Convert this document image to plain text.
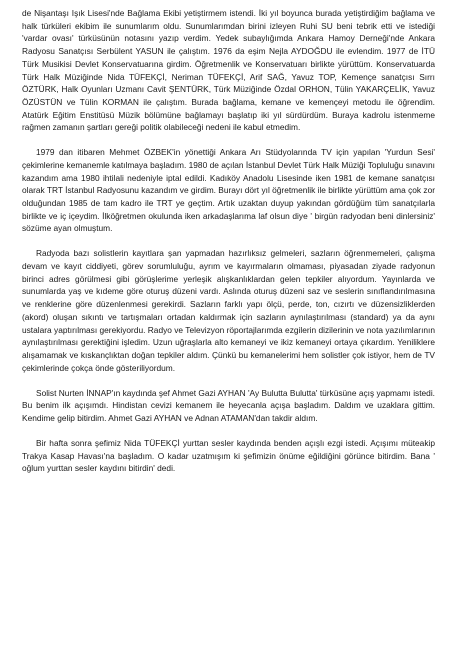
de Nişantaşı Işık Lisesi'nde Bağlama Ekibi yetiştirmem istendi. İki yıl boyunca burada yetiştirdiğim bağlama ve halk türküleri ekibim ile sunumlarım oldu. Sunumlarımdan birini izleyen Ruhi SU beni tebrik etti ve istediği 'vardar ovası' türküsünün notasını yazıp verdim. Yedek subaylığımda Ankara Hamoy Derneği'nde Ankara Radyosu Sanatçısı Serbülent YASUN ile çalıştım. 1976 da eşim Nejla AYDOĞDU ile evlendim. 1977 de İTÜ Türk Musikisi Devlet Konservatuarına girdim. Öğretmenlik ve Konservatuarı birlikte yürüttüm. Konservatuarda Türk Halk Müziğinde Nida TÜFEKÇİ, Neriman TÜFEKÇİ, Arif SAĞ, Yavuz TOP, Kemençe sanatçısı Sırrı ÖZTÜRK, Halk Oyunları Uzmanı Cavit ŞENTÜRK, Türk Müziğinde Özdal ORHON, Tülin YAKARÇELİK, Yavuz ÖZÜSTÜN ve Tülin KORMAN ile çalıştım. Burada bağlama, kemane ve kemençeyi metodu ile öğrendim. Atatürk Eğitim Enstitüsü Müzik bölümüne bağlamayı başlatıp iki yıl sürdürdüm. Buraya kadrolu istenmeme rağmen zamanın şartları gereği politik olabileceği nedeni ile kabul etmedim.

1979 dan itibaren Mehmet ÖZBEK'in yönettiği Ankara Arı Stüdyolarında TV için yapılan 'Yurdun Sesi' çekimlerine kemanemle katılmaya başladım. 1980 de açılan İstanbul Devlet Türk Halk Müziği Topluluğu sınavını kazandım ama 1980 ihtilali nedeniyle iptal edildi. Kadıköy Anadolu Lisesinde iken 1981 de kemane sanatçısı olarak TRT İstanbul Radyosunu kazandım ve girdim. Burayı dört yıl öğretmenlik ile birlikte yürüttüm ama çok zor olduğundan 1985 de tam kadro ile TRT ye geçtim. Artık uzaktan duyup yakından gördüğüm tüm sanatçılarla birlikte ve iç içeydim. İlköğretmen okulunda iken arkadaşlarıma laf olsun diye ' birgün radyodan beni dinlersiniz' sözüme ayan olmuştum.

Radyoda bazı solistlerin kayıtlara şan yapmadan hazırlıksız gelmeleri, sazların öğrenmemeleri, çalışma devam ve kayıt ciddiyeti, görev sorumluluğu, ayrım ve kayırmaların olmaması, piyasadan ziyade radyonun birinci adres görülmesi gibi görüşlerime yerleşik alışkanlıklardan gelen tepkiler alıyordum. Yayınlarda ve sunumlarda yaş ve kıdeme göre oturuş düzeni vardı. Aslında oturuş düzeni saz ve seslerin sınıflandırılmasına ve renklerine göre düzenlenmesi gerekirdi. Sazların farklı yapı ölçü, perde, ton, cızırtı ve düzensizliklerden (akord) oluşan sıkıntı ve tartışmaları ortadan kaldırmak için sazların aynılaştırılması (standard) ya da aynı ustalara yaptırılması gerekiyordu. Radyo ve Televizyon röportajlarımda ezgilerin dizilerinin ve nota yazılımlarının aynılaştırılması gerektiğini işledim. Uzun uğraşlarla alto kemaneyi ve ikiz kemaneyi ortaya çıkardım. Yeniliklere alışamamak ve kıskançlıktan doğan tepkiler aldım. Çünkü bu kemanelerimi hem solistler çok istiyor, hem de TV çekimlerinde çokça önde gösteriliyordum.

Solist Nurten İNNAP'ın kaydında şef Ahmet Gazi AYHAN 'Ay Bulutta Bulutta' türküsüne açış yapmamı istedi. Bu benim ilk açışımdı. Hindistan cevizi kemanem ile heyecanla açışa başladım. Daldım ve uzaklara gittim. Kendime gelip bitirdim. Ahmet Gazi AYHAN ve Adnan ATAMAN'dan takdir aldım.

Bir hafta sonra şefimiz Nida TÜFEKÇİ yurttan sesler kaydında benden açışlı ezgi istedi. Açışımı müteakip Trakya Kasap Havası'na başladım. O kadar uzatmışım ki şefimizin önüme eğildiğini görünce bitirdim. Bana ' oğlum yurttan sesler kaydını bitirdin' dedi.
